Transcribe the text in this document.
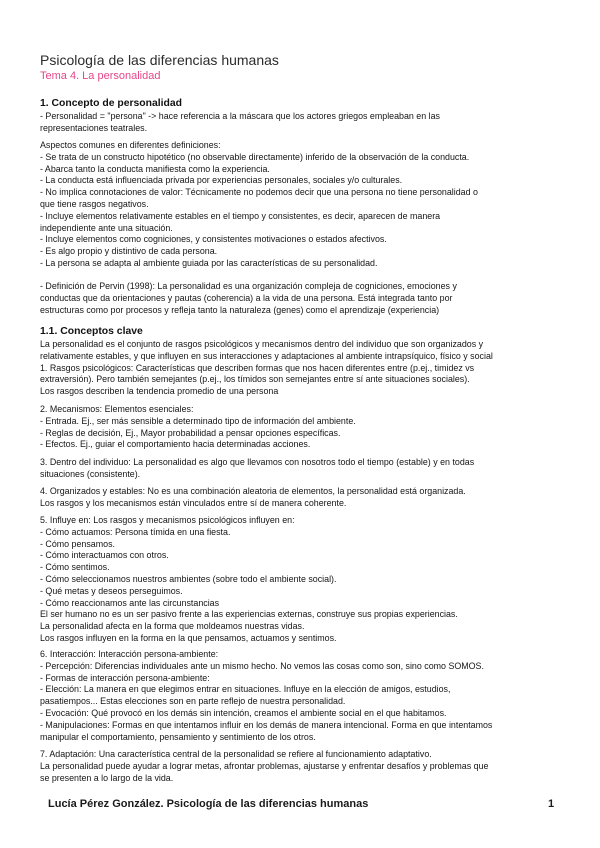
Psicología de las diferencias humanas
Tema 4. La personalidad
1. Concepto de personalidad
- Personalidad = "persona" -> hace referencia a la máscara que los actores griegos empleaban en las
representaciones teatrales.
Aspectos comunes en diferentes definiciones:
- Se trata de un constructo hipotético (no observable directamente) inferido de la observación de la conducta.
- Abarca tanto la conducta manifiesta como la experiencia.
- La conducta está influenciada privada por experiencias personales, sociales y/o culturales.
- No implica connotaciones de valor: Técnicamente no podemos decir que una persona no tiene personalidad o
que tiene rasgos negativos.
- Incluye elementos relativamente estables en el tiempo y consistentes, es decir, aparecen de manera
independiente ante una situación.
- Incluye elementos como cogniciones, y consistentes motivaciones o estados afectivos.
- Es algo propio y distintivo de cada persona.
- La persona se adapta al ambiente guiada por las características de su personalidad.
- Definición de Pervin (1998): La personalidad es una organización compleja de cogniciones, emociones y
conductas que da orientaciones y pautas (coherencia) a la vida de una persona. Está integrada tanto por
estructuras como por procesos y refleja tanto la naturaleza (genes) como el aprendizaje (experiencia)
1.1. Conceptos clave
La personalidad es el conjunto de rasgos psicológicos y mecanismos dentro del individuo que son organizados y
relativamente estables, y que influyen en sus interacciones y adaptaciones al ambiente intrapsíquico, físico y social
1. Rasgos psicológicos: Características que describen formas que nos hacen diferentes entre (p.ej., timidez vs
extraversión). Pero también semejantes (p.ej., los tímidos son semejantes entre sí ante situaciones sociales).
Los rasgos describen la tendencia promedio de una persona
2. Mecanismos: Elementos esenciales:
- Entrada. Ej., ser más sensible a determinado tipo de información del ambiente.
- Reglas de decisión, Ej., Mayor probabilidad a pensar opciones específicas.
- Efectos. Ej., guiar el comportamiento hacia determinadas acciones.
3. Dentro del individuo: La personalidad es algo que llevamos con nosotros todo el tiempo (estable) y en todas
situaciones (consistente).
4. Organizados y estables: No es una combinación aleatoria de elementos, la personalidad está organizada.
Los rasgos y los mecanismos están vinculados entre sí de manera coherente.
5. Influye en: Los rasgos y mecanismos psicológicos influyen en:
- Cómo actuamos: Persona tímida en una fiesta.
- Cómo pensamos.
- Cómo interactuamos con otros.
- Cómo sentimos.
- Cómo seleccionamos nuestros ambientes (sobre todo el ambiente social).
- Qué metas y deseos perseguimos.
- Cómo reaccionamos ante las circunstancias
El ser humano no es un ser pasivo frente a las experiencias externas, construye sus propias experiencias.
La personalidad afecta en la forma que moldeamos nuestras vidas.
Los rasgos influyen en la forma en la que pensamos, actuamos y sentimos.
6. Interacción: Interacción persona-ambiente:
- Percepción: Diferencias individuales ante un mismo hecho. No vemos las cosas como son, sino como SOMOS.
- Formas de interacción persona-ambiente:
- Elección: La manera en que elegimos entrar en situaciones. Influye en la elección de amigos, estudios,
pasatiempos... Estas elecciones son en parte reflejo de nuestra personalidad.
- Evocación: Qué provocó en los demás sin intención, creamos el ambiente social en el que habitamos.
- Manipulaciones: Formas en que intentamos influir en los demás de manera intencional. Forma en que intentamos
manipular el comportamiento, pensamiento y sentimiento de los otros.
7. Adaptación: Una característica central de la personalidad se refiere al funcionamiento adaptativo.
La personalidad puede ayudar a lograr metas, afrontar problemas, ajustarse y enfrentar desafíos y problemas que
se presenten a lo largo de la vida.
Lucía Pérez González. Psicología de las diferencias humanas	1
